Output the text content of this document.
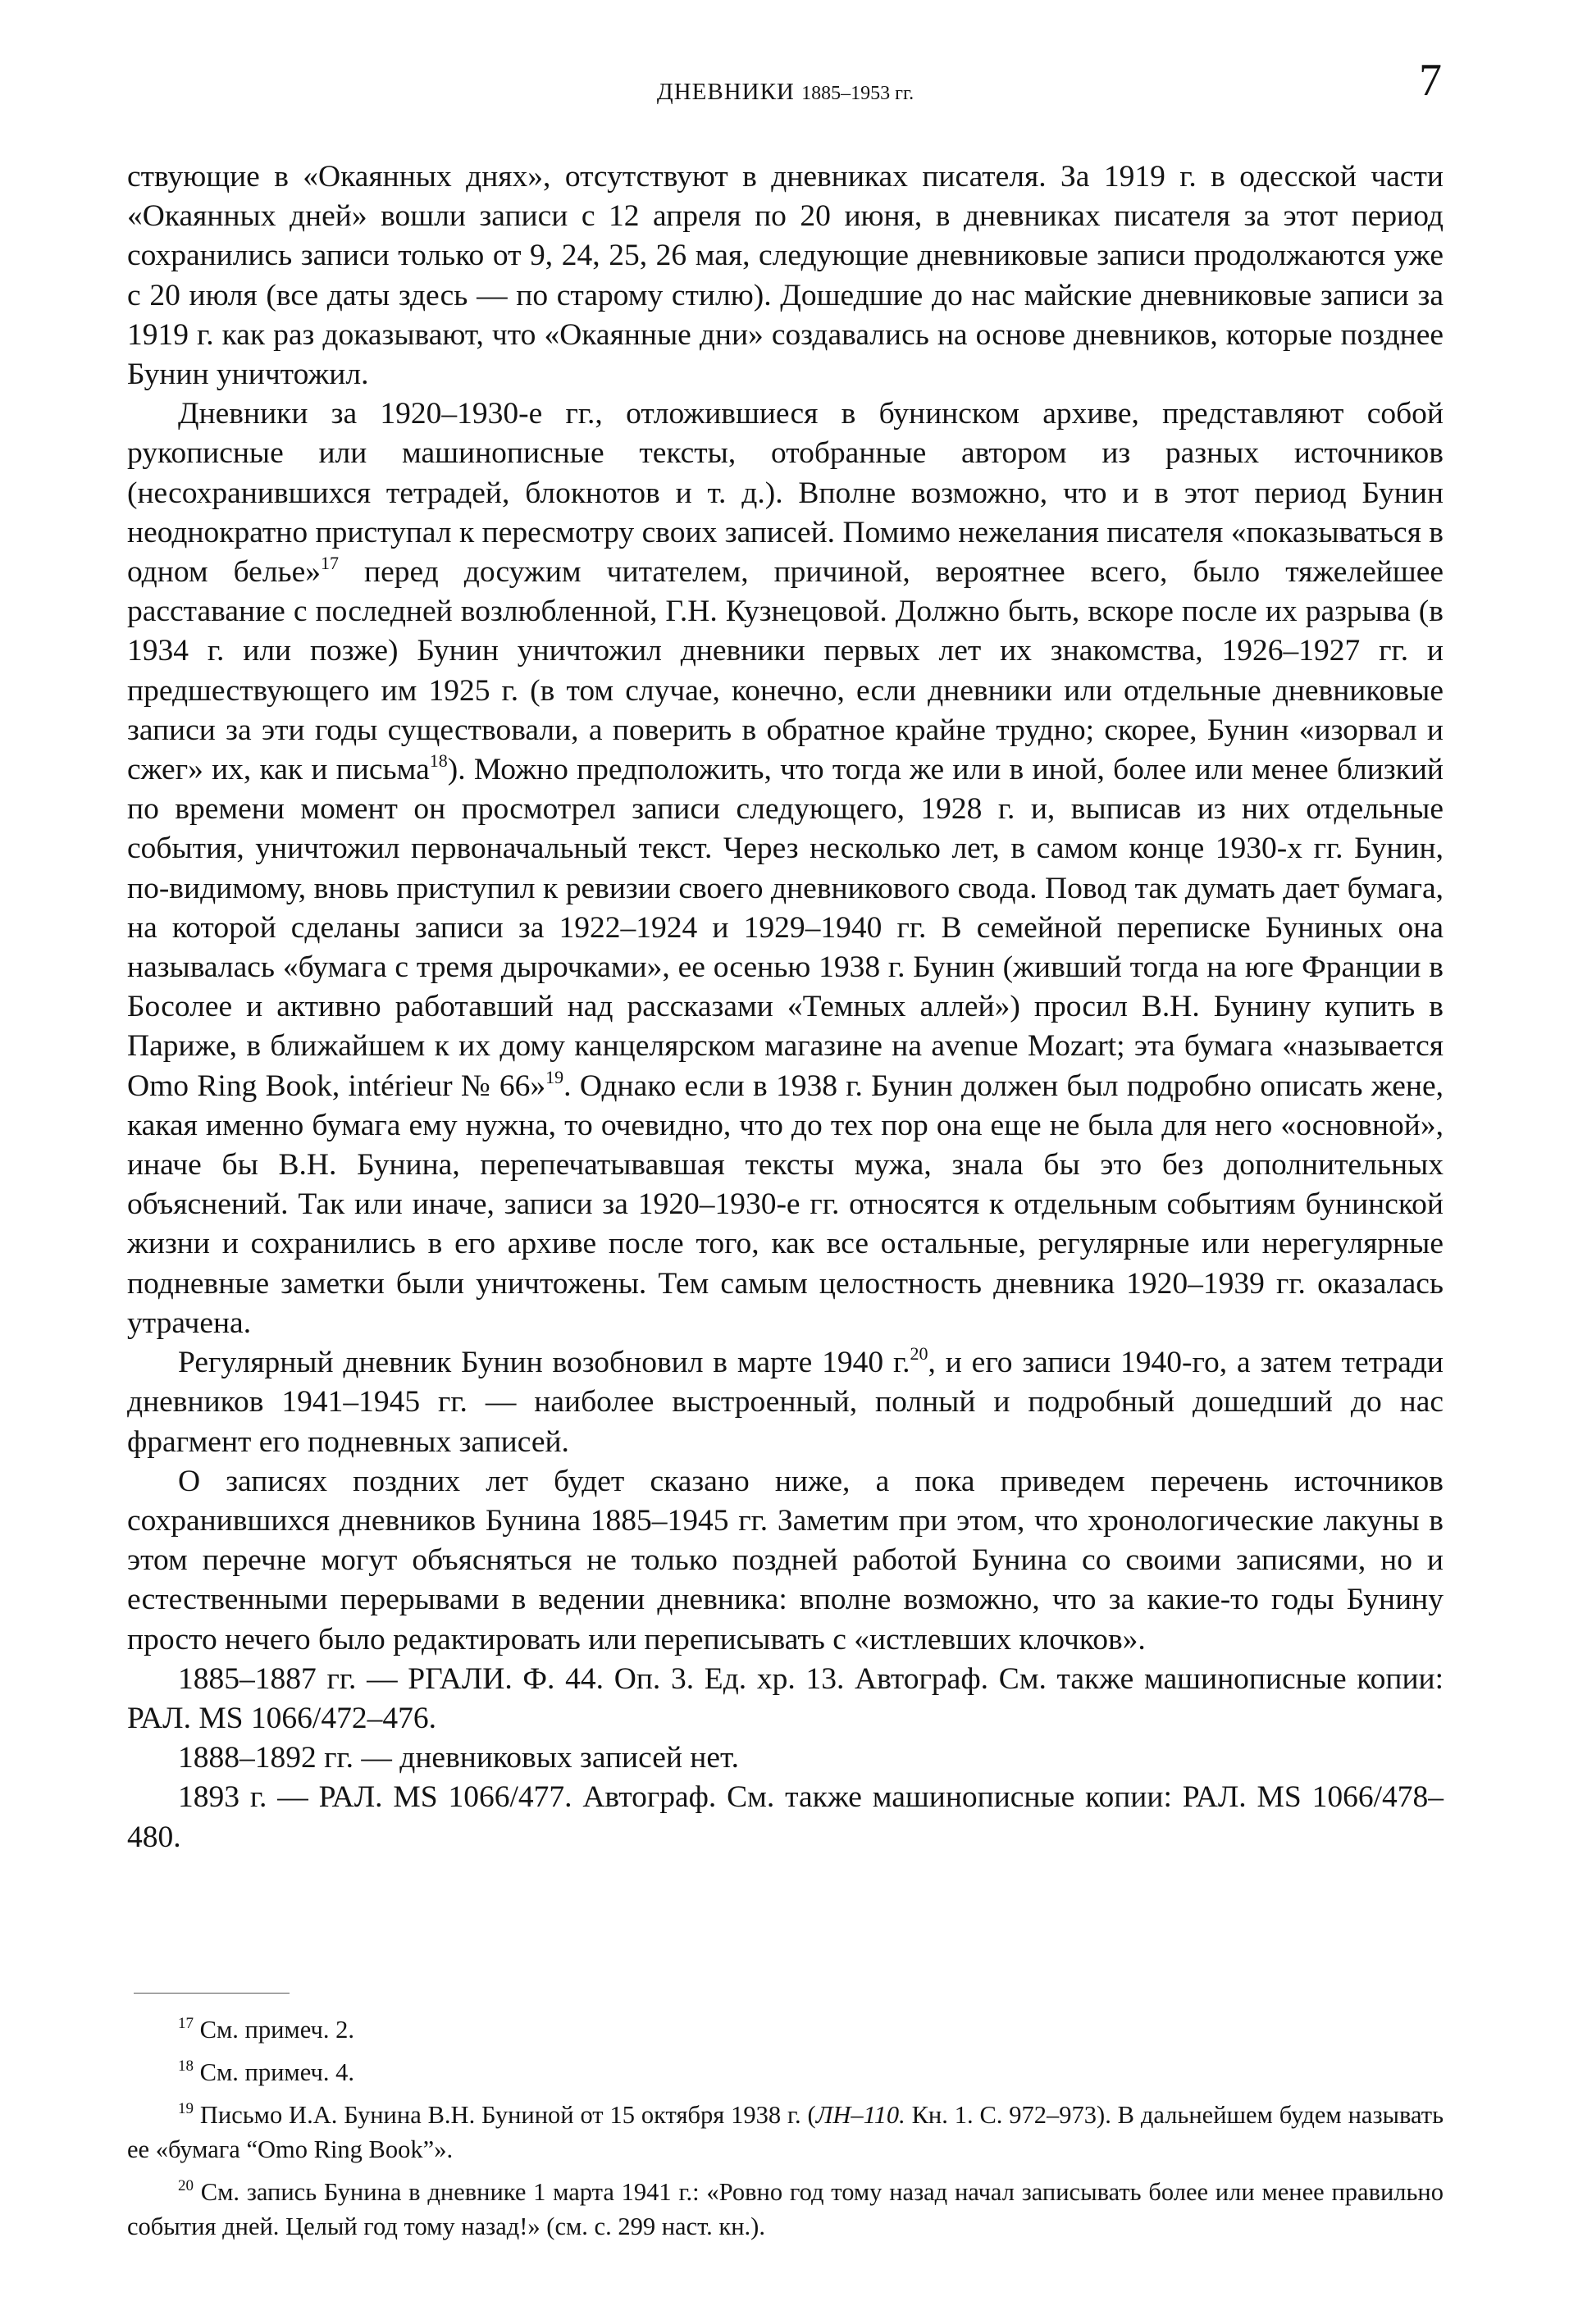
ДНЕВНИКИ 1885–1953 гг.	7

ствующие в «Окаянных днях», отсутствуют в дневниках писателя. За 1919 г. в одесской части «Окаянных дней» вошли записи с 12 апреля по 20 июня, в дневниках писателя за этот период сохранились записи только от 9, 24, 25, 26 мая, следующие дневниковые записи продолжаются уже с 20 июля (все даты здесь — по старому стилю). Дошедшие до нас майские дневниковые записи за 1919 г. как раз доказывают, что «Окаянные дни» создавались на основе дневников, которые позднее Бунин уничтожил.

Дневники за 1920–1930-е гг., отложившиеся в бунинском архиве, представляют собой рукописные или машинописные тексты, отобранные автором из разных источников (несохранившихся тетрадей, блокнотов и т. д.). Вполне возможно, что и в этот период Бунин неоднократно приступал к пересмотру своих записей. Помимо нежелания писателя «показываться в одном белье»$^{17}$ перед досужим читателем, причиной, вероятнее всего, было тяжелейшее расставание с последней возлюбленной, Г.Н. Кузнецовой. Должно быть, вскоре после их разрыва (в 1934 г. или позже) Бунин уничтожил дневники первых лет их знакомства, 1926–1927 гг. и предшествующего им 1925 г. (в том случае, конечно, если дневники или отдельные дневниковые записи за эти годы существовали, а поверить в обратное крайне трудно; скорее, Бунин «изорвал и сжег» их, как и письма$^{18}$). Можно предположить, что тогда же или в иной, более или менее близкий по времени момент он просмотрел записи следующего, 1928 г. и, выписав из них отдельные события, уничтожил первоначальный текст. Через несколько лет, в самом конце 1930-х гг. Бунин, по-видимому, вновь приступил к ревизии своего дневникового свода. Повод так думать дает бумага, на которой сделаны записи за 1922–1924 и 1929–1940 гг. В семейной переписке Буниных она называлась «бумага с тремя дырочками», ее осенью 1938 г. Бунин (живший тогда на юге Франции в Босолее и активно работавший над рассказами «Темных аллей») просил В.Н. Бунину купить в Париже, в ближайшем к их дому канцелярском магазине на avenue Mozart; эта бумага «называется Omo Ring Book, intérieur № 66»$^{19}$. Однако если в 1938 г. Бунин должен был подробно описать жене, какая именно бумага ему нужна, то очевидно, что до тех пор она еще не была для него «основной», иначе бы В.Н. Бунина, перепечатывавшая тексты мужа, знала бы это без дополнительных объяснений. Так или иначе, записи за 1920–1930-е гг. относятся к отдельным событиям бунинской жизни и сохранились в его архиве после того, как все остальные, регулярные или нерегулярные подневные заметки были уничтожены. Тем самым целостность дневника 1920–1939 гг. оказалась утрачена.

Регулярный дневник Бунин возобновил в марте 1940 г.$^{20}$, и его записи 1940-го, а затем тетради дневников 1941–1945 гг. — наиболее выстроенный, полный и подробный дошедший до нас фрагмент его подневных записей.

О записях поздних лет будет сказано ниже, а пока приведем перечень источников сохранившихся дневников Бунина 1885–1945 гг. Заметим при этом, что хронологические лакуны в этом перечне могут объясняться не только поздней работой Бунина со своими записями, но и естественными перерывами в ведении дневника: вполне возможно, что за какие-то годы Бунину просто нечего было редактировать или переписывать с «истлевших клочков».

1885–1887 гг. — РГАЛИ. Ф. 44. Оп. 3. Ед. хр. 13. Автограф. См. также машинописные копии: РАЛ. MS 1066/472–476.

1888–1892 гг. — дневниковых записей нет.

1893 г. — РАЛ. MS 1066/477. Автограф. См. также машинописные копии: РАЛ. MS 1066/478–480.

$^{17}$ См. примеч. 2.

$^{18}$ См. примеч. 4.

$^{19}$ Письмо И.А. Бунина В.Н. Буниной от 15 октября 1938 г. (ЛН–110. Кн. 1. С. 972–973). В дальнейшем будем называть ее «бумага “Omo Ring Book”».

$^{20}$ См. запись Бунина в дневнике 1 марта 1941 г.: «Ровно год тому назад начал записывать более или менее правильно события дней. Целый год тому назад!» (см. с. 299 наст. кн.).
